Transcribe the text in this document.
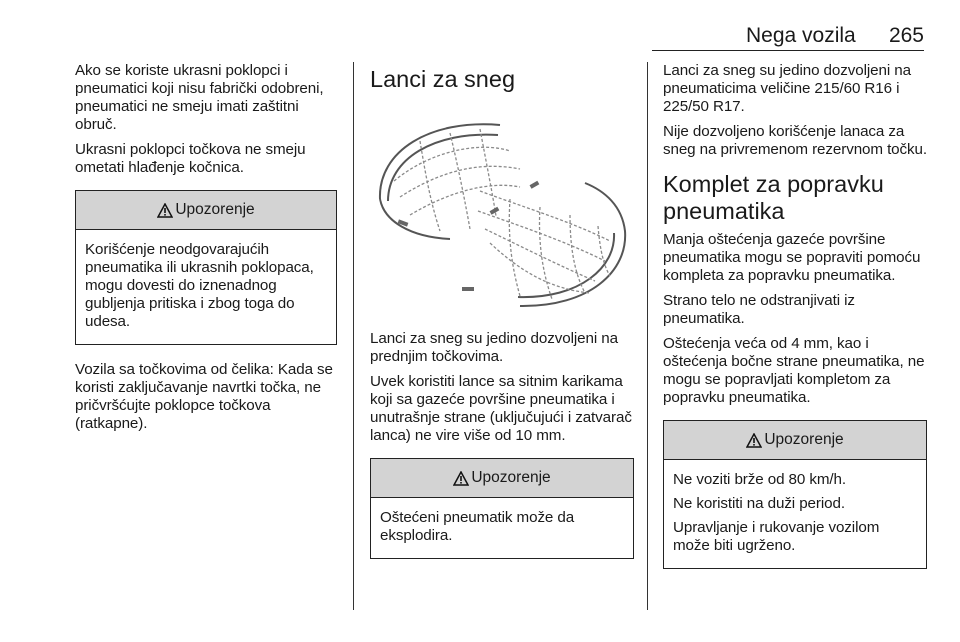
Nega vozila 265

Ako se koriste ukrasni poklopci i pneumatici koji nisu fabrički odobreni, pneumatici ne smeju imati zaštitni obruč.

Ukrasni poklopci točkova ne smeju ometati hlađenje kočnica.

Upozorenje

Korišćenje neodgovarajućih pneumatika ili ukrasnih poklopaca, mogu dovesti do iznenadnog gubljenja pritiska i zbog toga do udesa.

Vozila sa točkovima od čelika: Kada se koristi zaključavanje navrtki točka, ne pričvršćujte poklopce točkova (ratkapne).

Lanci za sneg

Lanci za sneg su jedino dozvoljeni na prednjim točkovima.

Uvek koristiti lance sa sitnim karikama koji sa gazeće površine pneumatika i unutrašnje strane (uključujući i zatvarač lanca) ne vire više od 10 mm.

Upozorenje

Oštećeni pneumatik može da eksplodira.

Lanci za sneg su jedino dozvoljeni na pneumaticima veličine 215/60 R16 i 225/50 R17.

Nije dozvoljeno korišćenje lanaca za sneg na privremenom rezervnom točku.

Komplet za popravku pneumatika

Manja oštećenja gazeće površine pneumatika mogu se popraviti pomoću kompleta za popravku pneumatika.

Strano telo ne odstranjivati iz pneumatika.

Oštećenja veća od 4 mm, kao i oštećenja bočne strane pneumatika, ne mogu se popravljati kompletom za popravku pneumatika.

Upozorenje

Ne voziti brže od 80 km/h.

Ne koristiti na duži period.

Upravljanje i rukovanje vozilom može biti ugrženo.
